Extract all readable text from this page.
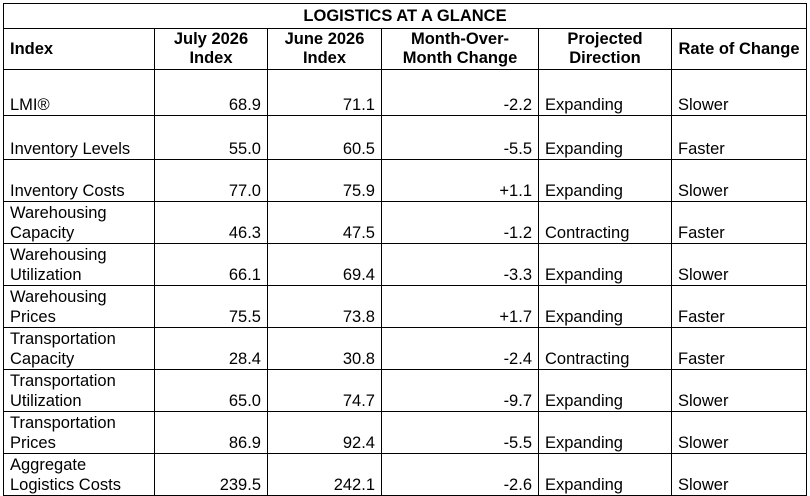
LOGISTICS AT A GLANCE					
Index	July 2026 Index	June 2026 Index	Month-Over-Month Change	Projected Direction	Rate of Change
LMI®	68.9	71.1	-2.2	Expanding	Slower
Inventory Levels	55.0	60.5	-5.5	Expanding	Faster
Inventory Costs	77.0	75.9	+1.1	Expanding	Slower
Warehousing Capacity	46.3	47.5	-1.2	Contracting	Faster
Warehousing Utilization	66.1	69.4	-3.3	Expanding	Slower
Warehousing Prices	75.5	73.8	+1.7	Expanding	Faster
Transportation Capacity	28.4	30.8	-2.4	Contracting	Faster
Transportation Utilization	65.0	74.7	-9.7	Expanding	Slower
Transportation Prices	86.9	92.4	-5.5	Expanding	Slower
Aggregate Logistics Costs	239.5	242.1	-2.6	Expanding	Slower
